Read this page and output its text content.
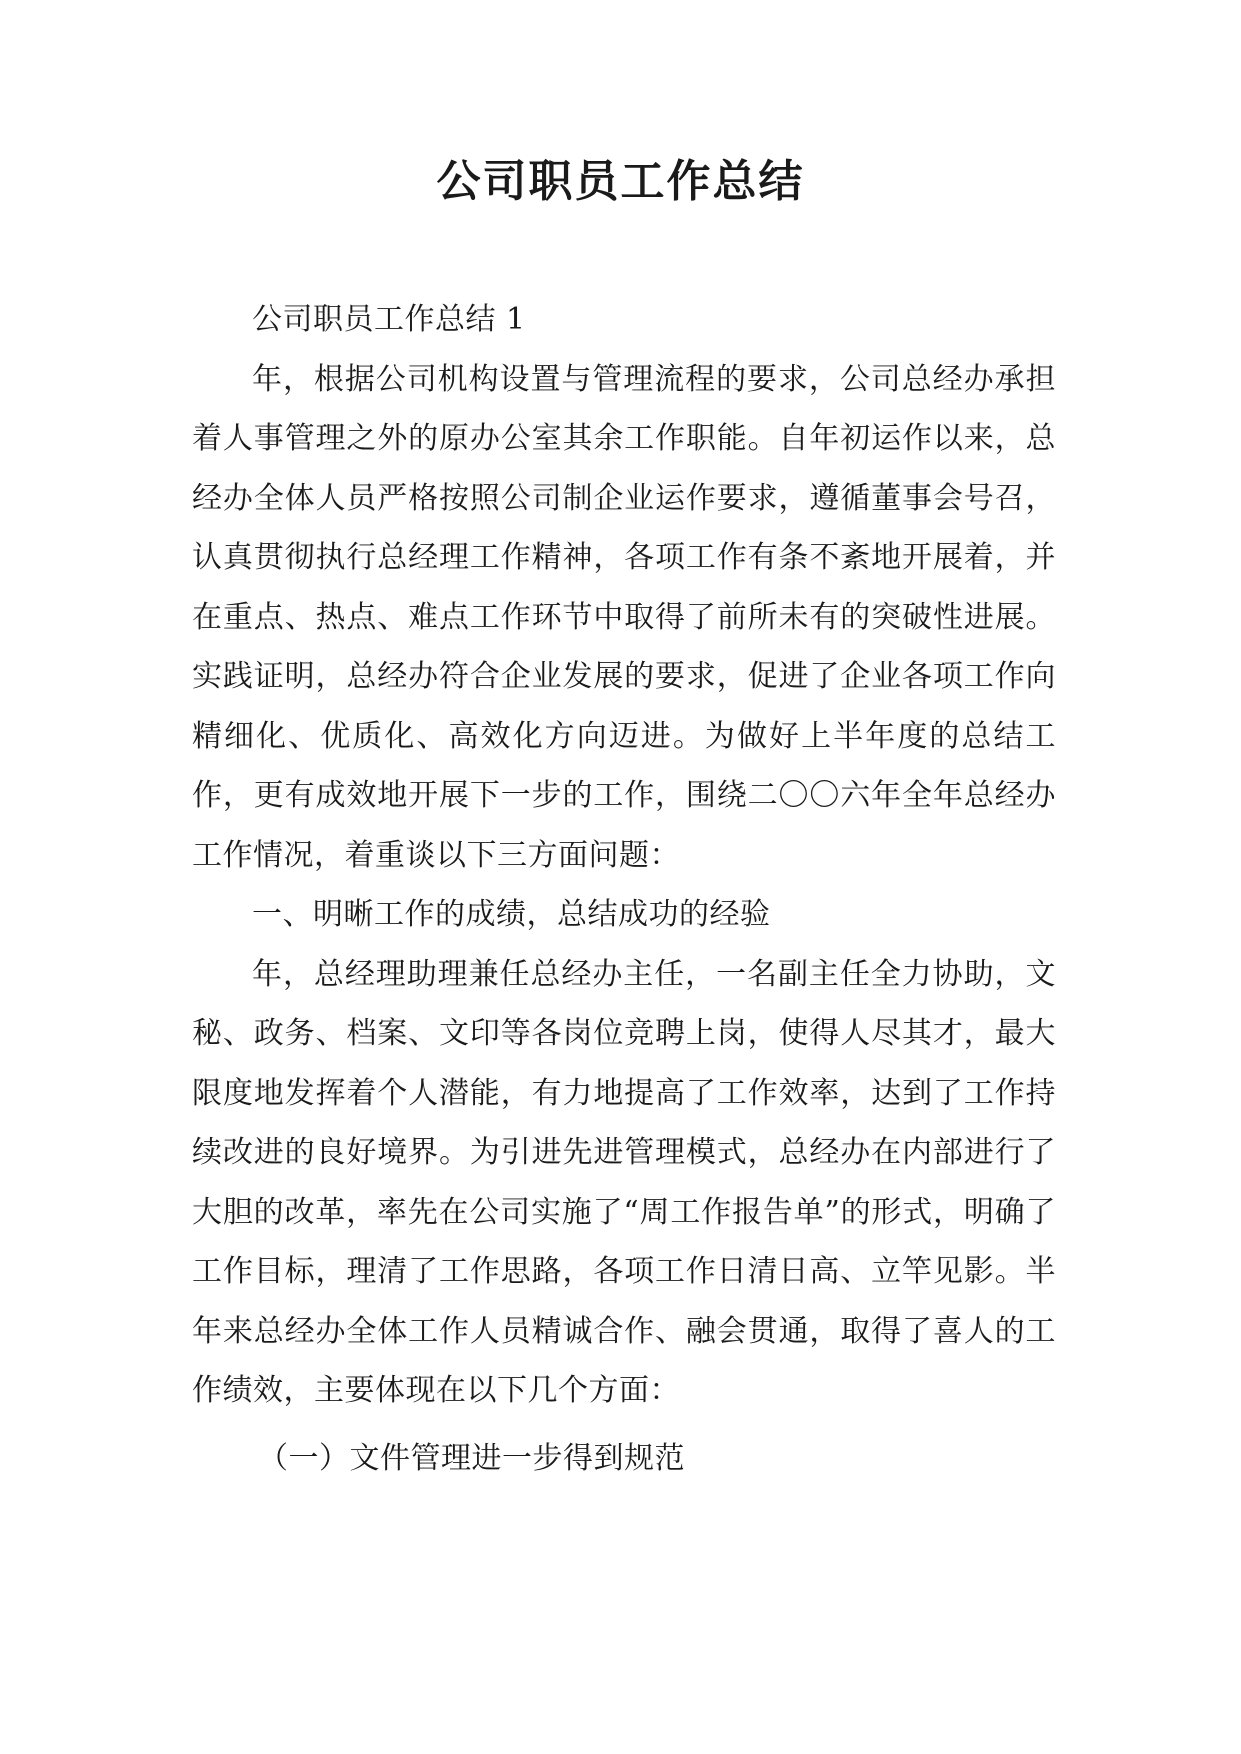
公司职员工作总结

公司职员工作总结 1

年，根据公司机构设置与管理流程的要求，公司总经办承担着人事管理之外的原办公室其余工作职能。自年初运作以来，总经办全体人员严格按照公司制企业运作要求，遵循董事会号召，认真贯彻执行总经理工作精神，各项工作有条不紊地开展着，并在重点、热点、难点工作环节中取得了前所未有的突破性进展。实践证明，总经办符合企业发展的要求，促进了企业各项工作向精细化、优质化、高效化方向迈进。为做好上半年度的总结工作，更有成效地开展下一步的工作，围绕二〇〇六年全年总经办工作情况，着重谈以下三方面问题：

一、明晰工作的成绩，总结成功的经验

年，总经理助理兼任总经办主任，一名副主任全力协助，文秘、政务、档案、文印等各岗位竞聘上岗，使得人尽其才，最大限度地发挥着个人潜能，有力地提高了工作效率，达到了工作持续改进的良好境界。为引进先进管理模式，总经办在内部进行了大胆的改革，率先在公司实施了“周工作报告单”的形式，明确了工作目标，理清了工作思路，各项工作日清日高、立竿见影。半年来总经办全体工作人员精诚合作、融会贯通，取得了喜人的工作绩效，主要体现在以下几个方面：

（一）文件管理进一步得到规范
